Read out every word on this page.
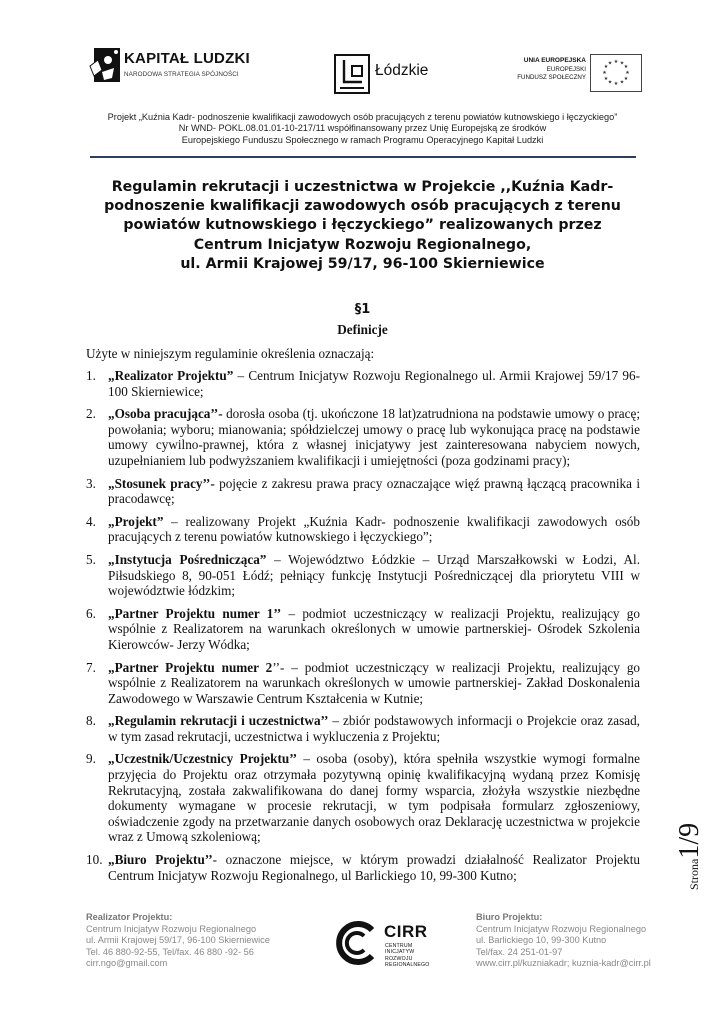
KAPITAŁ LUDZKI
NARODOWA STRATEGIA SPÓJNOŚCI	Łódzkie
UNIA EUROPEJSKA
EUROPEJSKI
FUNDUSZ SPOŁECZNY
★ ★
★
★
★
★
★
★
★
★
★
★
Projekt „Kuźnia Kadr- podnoszenie kwalifikacji zawodowych osób pracujących z terenu powiatów kutnowskiego i łęczyckiego”
Nr WND- POKL.08.01.01-10-217/11 współfinansowany przez Unię Europejską ze środków
Europejskiego Funduszu Społecznego w ramach Programu Operacyjnego Kapitał Ludzki
Regulamin rekrutacji i uczestnictwa w Projekcie ,,Kuźnia Kadr-
podnoszenie kwalifikacji zawodowych osób pracujących z terenu
powiatów kutnowskiego i łęczyckiego” realizowanych przez
Centrum Inicjatyw Rozwoju Regionalnego,
ul. Armii Krajowej 59/17, 96-100 Skierniewice
§1
Definicje
Użyte w niniejszym regulaminie określenia oznaczają:
1. „Realizator Projektu” – Centrum Inicjatyw Rozwoju Regionalnego ul. Armii Krajowej 59/17 96-100 Skierniewice;
2. „Osoba pracująca’’- dorosła osoba (tj. ukończone 18 lat)zatrudniona na podstawie umowy o pracę; powołania; wyboru; mianowania; spółdzielczej umowy o pracę lub wykonująca pracę na podstawie umowy cywilno-prawnej, która z własnej inicjatywy jest zainteresowana nabyciem nowych, uzupełnianiem lub podwyższaniem kwalifikacji i umiejętności (poza godzinami pracy);
3. „Stosunek pracy’’- pojęcie z zakresu prawa pracy oznaczające więź prawną łączącą pracownika i pracodawcę;
4. „Projekt” – realizowany Projekt „Kuźnia Kadr- podnoszenie kwalifikacji zawodowych osób pracujących z terenu powiatów kutnowskiego i łęczyckiego”;
5. „Instytucja Pośrednicząca” – Województwo Łódzkie – Urząd Marszałkowski w Łodzi, Al. Piłsudskiego 8, 90-051 Łódź; pełniący funkcję Instytucji Pośredniczącej dla priorytetu VIII w województwie łódzkim;
6. „Partner Projektu numer 1’’ – podmiot uczestniczący w realizacji Projektu, realizujący go wspólnie z Realizatorem na warunkach określonych w umowie partnerskiej- Ośrodek Szkolenia Kierowców- Jerzy Wódka;
7. „Partner Projektu numer 2’’- – podmiot uczestniczący w realizacji Projektu, realizujący go wspólnie z Realizatorem na warunkach określonych w umowie partnerskiej- Zakład Doskonalenia Zawodowego w Warszawie Centrum Kształcenia w Kutnie;
8. „Regulamin rekrutacji i uczestnictwa’’ – zbiór podstawowych informacji o Projekcie oraz zasad, w tym zasad rekrutacji, uczestnictwa i wykluczenia z Projektu;
9. „Uczestnik/Uczestnicy Projektu’’ – osoba (osoby), która spełniła wszystkie wymogi formalne przyjęcia do Projektu oraz otrzymała pozytywną opinię kwalifikacyjną wydaną przez Komisję Rekrutacyjną, została zakwalifikowana do danej formy wsparcia, złożyła wszystkie niezbędne dokumenty wymagane w procesie rekrutacji, w tym podpisała formularz zgłoszeniowy, oświadczenie zgody na przetwarzanie danych osobowych oraz Deklarację uczestnictwa w projekcie wraz z Umową szkoleniową;
10. „Biuro Projektu’’- oznaczone miejsce, w którym prowadzi działalność Realizator Projektu Centrum Inicjatyw Rozwoju Regionalnego, ul Barlickiego 10, 99-300 Kutno;	Strona1/9
Realizator Projektu:
Centrum Inicjatyw Rozwoju Regionalnego
ul. Armii Krajowej 59/17, 96-100 Skierniewice
Tel. 46 880-92-55, Tel/fax. 46 880 -92- 56
cirr.ngo@gmail.com
CIRR
CENTRUM
INICJATYW
ROZWOJU
REGIONALNEGO
Biuro Projektu:
Centrum Inicjatyw Rozwoju Regionalnego
ul. Barlickiego 10, 99-300 Kutno
Tel/fax. 24 251-01-97
www.cirr.pl/kuzniakadr; kuznia-kadr@cirr.pl
